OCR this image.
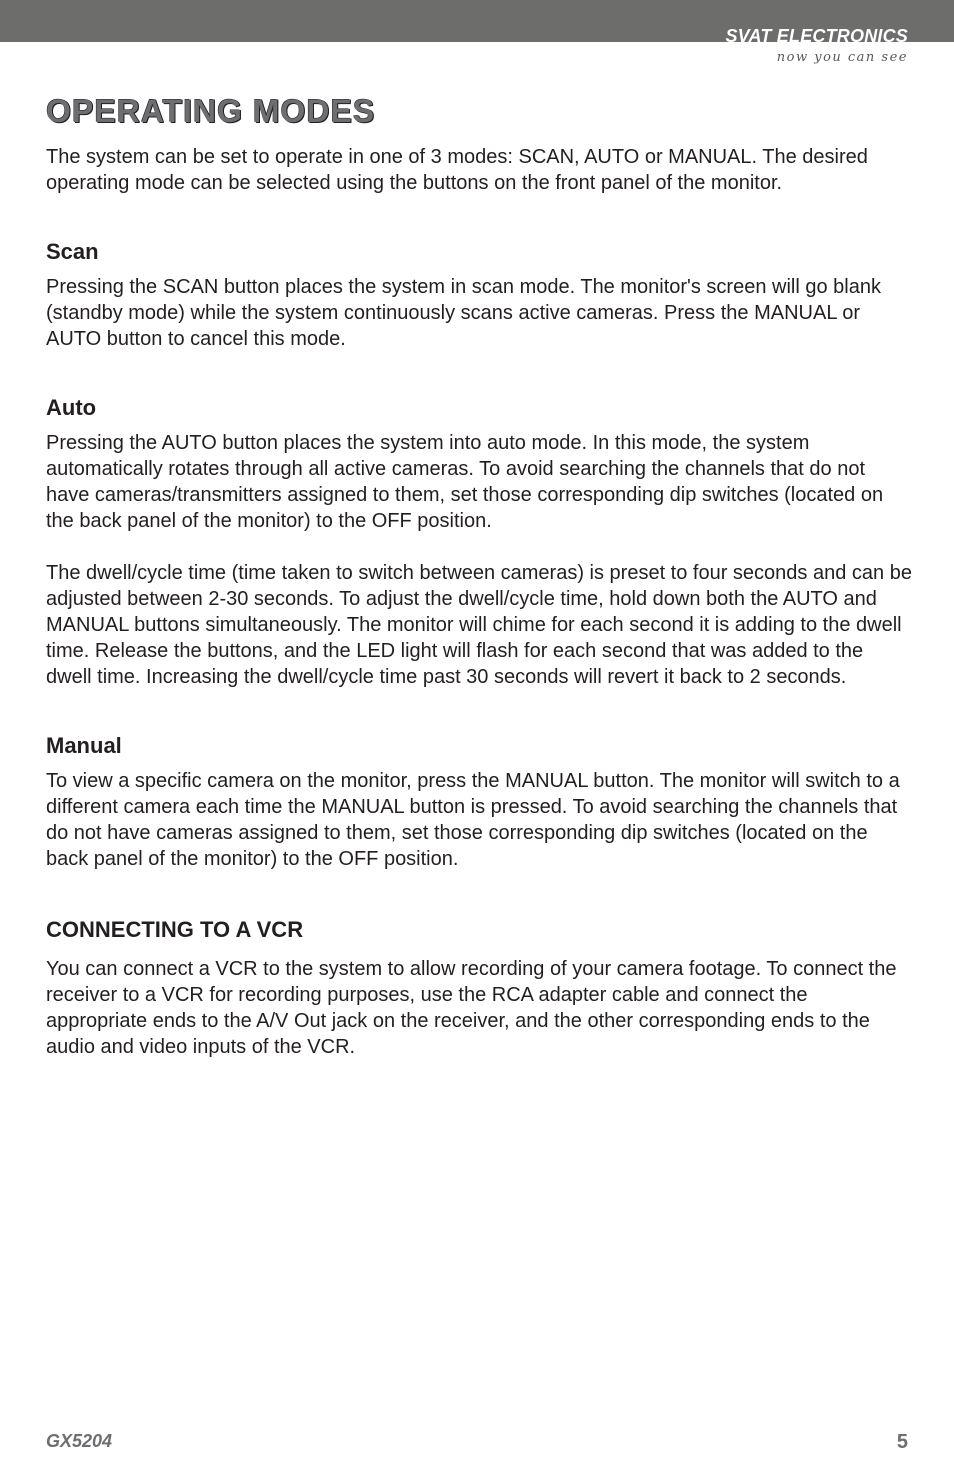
SVAT ELECTRONICS
now you can see
OPERATING MODES

The system can be set to operate in one of 3 modes: SCAN, AUTO or MANUAL. The desired operating mode can be selected using the buttons on the front panel of the monitor.

Scan

Pressing the SCAN button places the system in scan mode. The monitor's screen will go blank (standby mode) while the system continuously scans active cameras. Press the MANUAL or AUTO button to cancel this mode.

Auto

Pressing the AUTO button places the system into auto mode. In this mode, the system automatically rotates through all active cameras. To avoid searching the channels that do not have cameras/transmitters assigned to them, set those corresponding dip switches (located on the back panel of the monitor) to the OFF position.

The dwell/cycle time (time taken to switch between cameras) is preset to four seconds and can be adjusted between 2-30 seconds. To adjust the dwell/cycle time, hold down both the AUTO and MANUAL buttons simultaneously. The monitor will chime for each second it is adding to the dwell time. Release the buttons, and the LED light will flash for each second that was added to the dwell time. Increasing the dwell/cycle time past 30 seconds will revert it back to 2 seconds.

Manual

To view a specific camera on the monitor, press the MANUAL button. The monitor will switch to a different camera each time the MANUAL button is pressed. To avoid searching the channels that do not have cameras assigned to them, set those corresponding dip switches (located on the back panel of the monitor) to the OFF position.

CONNECTING TO A VCR

You can connect a VCR to the system to allow recording of your camera footage. To connect the receiver to a VCR for recording purposes, use the RCA adapter cable and connect the appropriate ends to the A/V Out jack on the receiver, and the other corresponding ends to the audio and video inputs of the VCR.

GX5204	5
